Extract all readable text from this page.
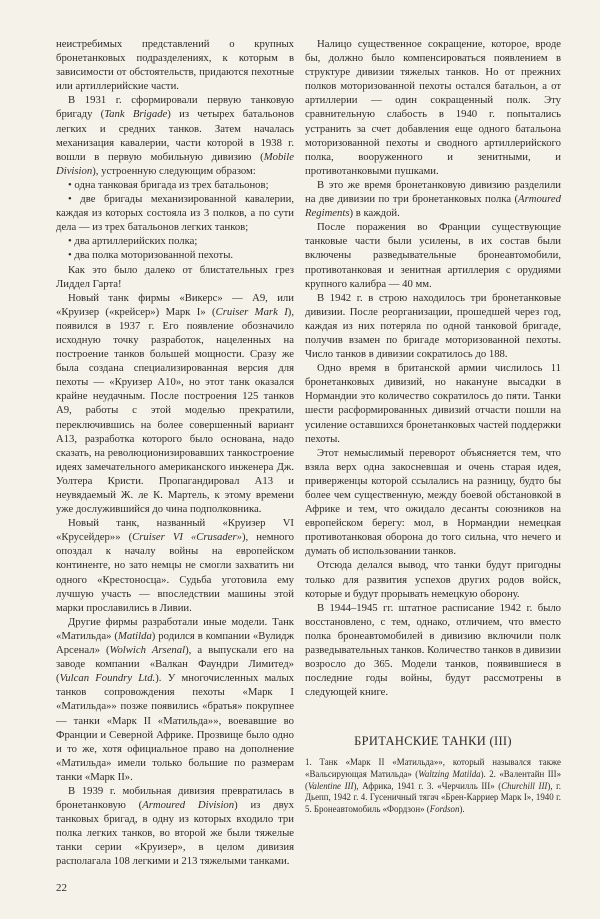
неистребимых представлений о крупных бронетанковых подразделениях, к которым в зависимости от обстоятельств, придаются пехотные или артиллерийские части.

В 1931 г. сформировали первую танковую бригаду (Tank Brigade) из четырех батальонов легких и средних танков. Затем началась механизация кавалерии, части которой в 1938 г. вошли в первую мобильную дивизию (Mobile Division), устроенную следующим образом:

• одна танковая бригада из трех батальонов;

• две бригады механизированной кавалерии, каждая из которых состояла из 3 полков, а по сути дела — из трех батальонов легких танков;

• два артиллерийских полка;

• два полка моторизованной пехоты.

Как это было далеко от блистательных грез Лиддел Гарта!

Новый танк фирмы «Викерс» — А9, или «Круизер («крейсер») Марк I» (Cruiser Mark I), появился в 1937 г. Его появление обозначило исходную точку разработок, нацеленных на построение танков большей мощности. Сразу же была создана специализированная версия для пехоты — «Круизер А10», но этот танк оказался крайне неудачным. После построения 125 танков А9, работы с этой моделью прекратили, переключившись на более совершенный вариант А13, разработка которого было основана, надо сказать, на революционизировавших танкостроение идеях замечательного американского инженера Дж. Уолтера Кристи. Пропагандировал А13 и неувядаемый Ж. ле К. Мартель, к этому времени уже дослужившийся до чина подполковника.

Новый танк, названный «Круизер VI «Крусейдер»» (Cruiser VI «Crusader»), немного опоздал к началу войны на европейском континенте, но зато немцы не смогли захватить ни одного «Крестоносца». Судьба уготовила ему лучшую участь — впоследствии машины этой марки прославились в Ливии.

Другие фирмы разработали иные модели. Танк «Матильда» (Matilda) родился в компании «Вулидж Арсенал» (Wolwich Arsenal), а выпускали его на заводе компании «Валкан Фаундри Лимитед» (Vulcan Foundry Ltd.). У многочисленных малых танков сопровождения пехоты «Марк I «Матильда»» позже появились «братья» покрупнее — танки «Марк II «Матильда»», воевавшие во Франции и Северной Африке. Прозвище было одно и то же, хотя официальное право на дополнение «Матильда» имели только большие по размерам танки «Марк II».

В 1939 г. мобильная дивизия превратилась в бронетанковую (Armoured Division) из двух танковых бригад, в одну из которых входило три полка легких танков, во второй же были тяжелые танки серии «Круизер», в целом дивизия располагала 108 легкими и 213 тяжелыми танками.

22

Налицо существенное сокращение, которое, вроде бы, должно было компенсироваться появлением в структуре дивизии тяжелых танков. Но от прежних полков моторизованной пехоты остался батальон, а от артиллерии — один сокращенный полк. Эту сравнительную слабость в 1940 г. попытались устранить за счет добавления еще одного батальона моторизованной пехоты и сводного артиллерийского полка, вооруженного и зенитными, и противотанковыми пушками.

В это же время бронетанковую дивизию разделили на две дивизии по три бронетанковых полка (Armoured Regiments) в каждой.

После поражения во Франции существующие танковые части были усилены, в их состав были включены разведывательные бронеавтомобили, противотанковая и зенитная артиллерия с орудиями крупного калибра — 40 мм.

В 1942 г. в строю находилось три бронетанковые дивизии. После реорганизации, прошедшей через год, каждая из них потеряла по одной танковой бригаде, получив взамен по бригаде моторизованной пехоты. Число танков в дивизии сократилось до 188.

Одно время в британской армии числилось 11 бронетанковых дивизий, но накануне высадки в Нормандии это количество сократилось до пяти. Танки шести расформированных дивизий отчасти пошли на усиление оставшихся бронетанковых частей поддержки пехоты.

Этот немыслимый переворот объясняется тем, что взяла верх одна закосневшая и очень старая идея, приверженцы которой ссылались на разницу, будто бы более чем существенную, между боевой обстановкой в Африке и тем, что ожидало десанты союзников на европейском берегу: мол, в Нормандии немецкая противотанковая оборона до того сильна, что нечего и думать об использовании танков.

Отсюда делался вывод, что танки будут пригодны только для развития успехов других родов войск, которые и будут прорывать немецкую оборону.

В 1944–1945 гг. штатное расписание 1942 г. было восстановлено, с тем, однако, отличием, что вместо полка бронеавтомобилей в дивизию включили полк разведывательных танков. Количество танков в дивизии возросло до 365. Модели танков, появившиеся в последние годы войны, будут рассмотрены в следующей книге.

БРИТАНСКИЕ ТАНКИ (III)

1. Танк «Марк II «Матильда»», который назывался также «Вальсирующая Матильда» (Waltzing Matilda). 2. «Валентайн III» (Valentine III), Африка, 1941 г. 3. «Черчилль III» (Churchill III), г. Дьепп, 1942 г. 4. Гусеничный тягач «Брен-Карриер Марк I», 1940 г. 5. Бронеавтомобиль «Фордзон» (Fordson).
